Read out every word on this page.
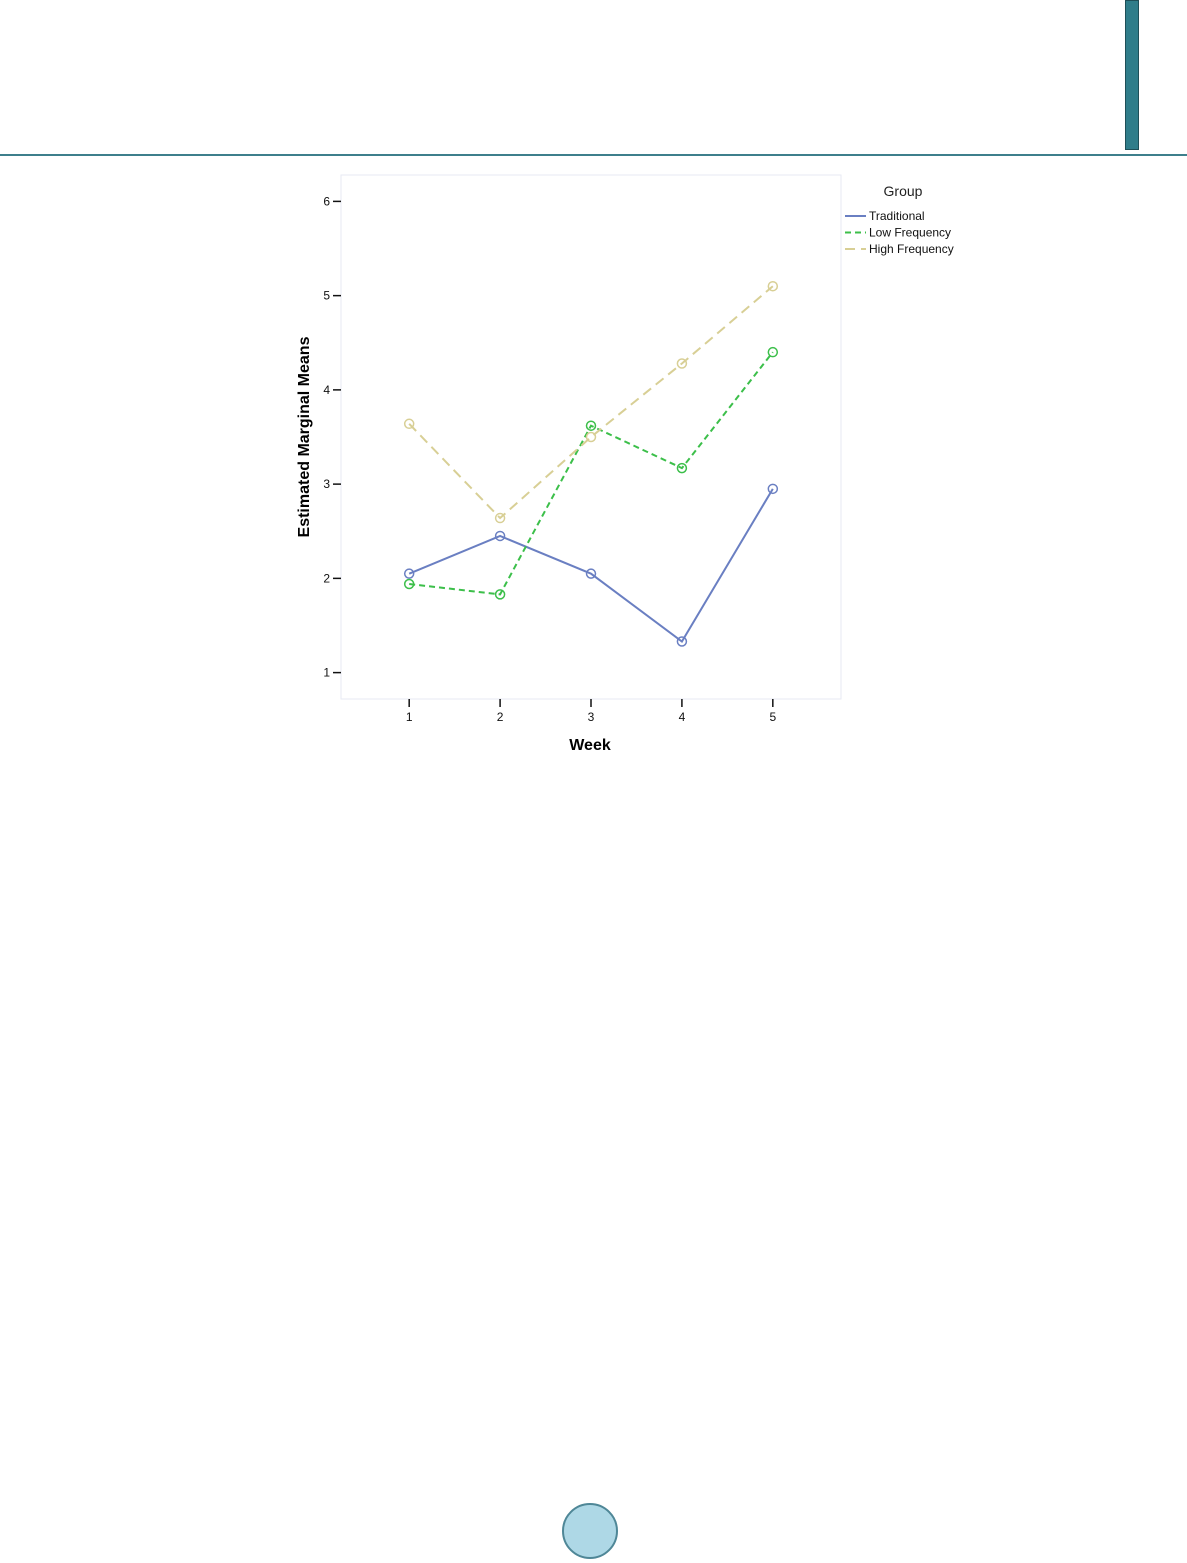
1
2
3
4
5
6
1	2	3	4	5
Group
Traditional
Low Frequency
High Frequency
Week
Estimated Marginal Means
